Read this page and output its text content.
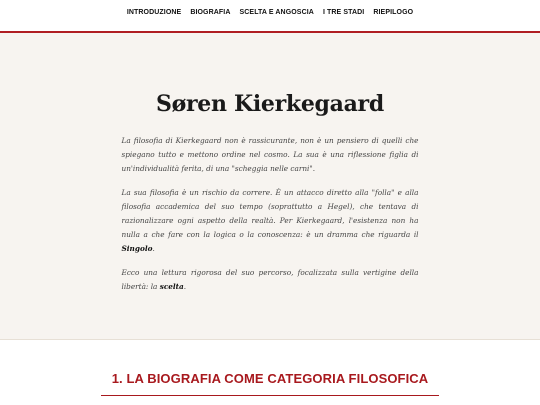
INTRODUZIONE BIOGRAFIA SCELTA E ANGOSCIA I TRE STADI RIEPILOGO
Søren Kierkegaard

La filosofia di Kierkegaard non è rassicurante, non è un pensiero di quelli che spiegano tutto e mettono ordine nel cosmo. La sua è una riflessione figlia di un'individualità ferita, di una "scheggia nelle carni".

La sua filosofia è un rischio da correre. È un attacco diretto alla "folla" e alla filosofia accademica del suo tempo (soprattutto a Hegel), che tentava di razionalizzare ogni aspetto della realtà. Per Kierkegaard, l'esistenza non ha nulla a che fare con la logica o la conoscenza: è un dramma che riguarda il Singolo.

Ecco una lettura rigorosa del suo percorso, focalizzata sulla vertigine della libertà: la scelta.

1. LA BIOGRAFIA COME CATEGORIA FILOSOFICA
